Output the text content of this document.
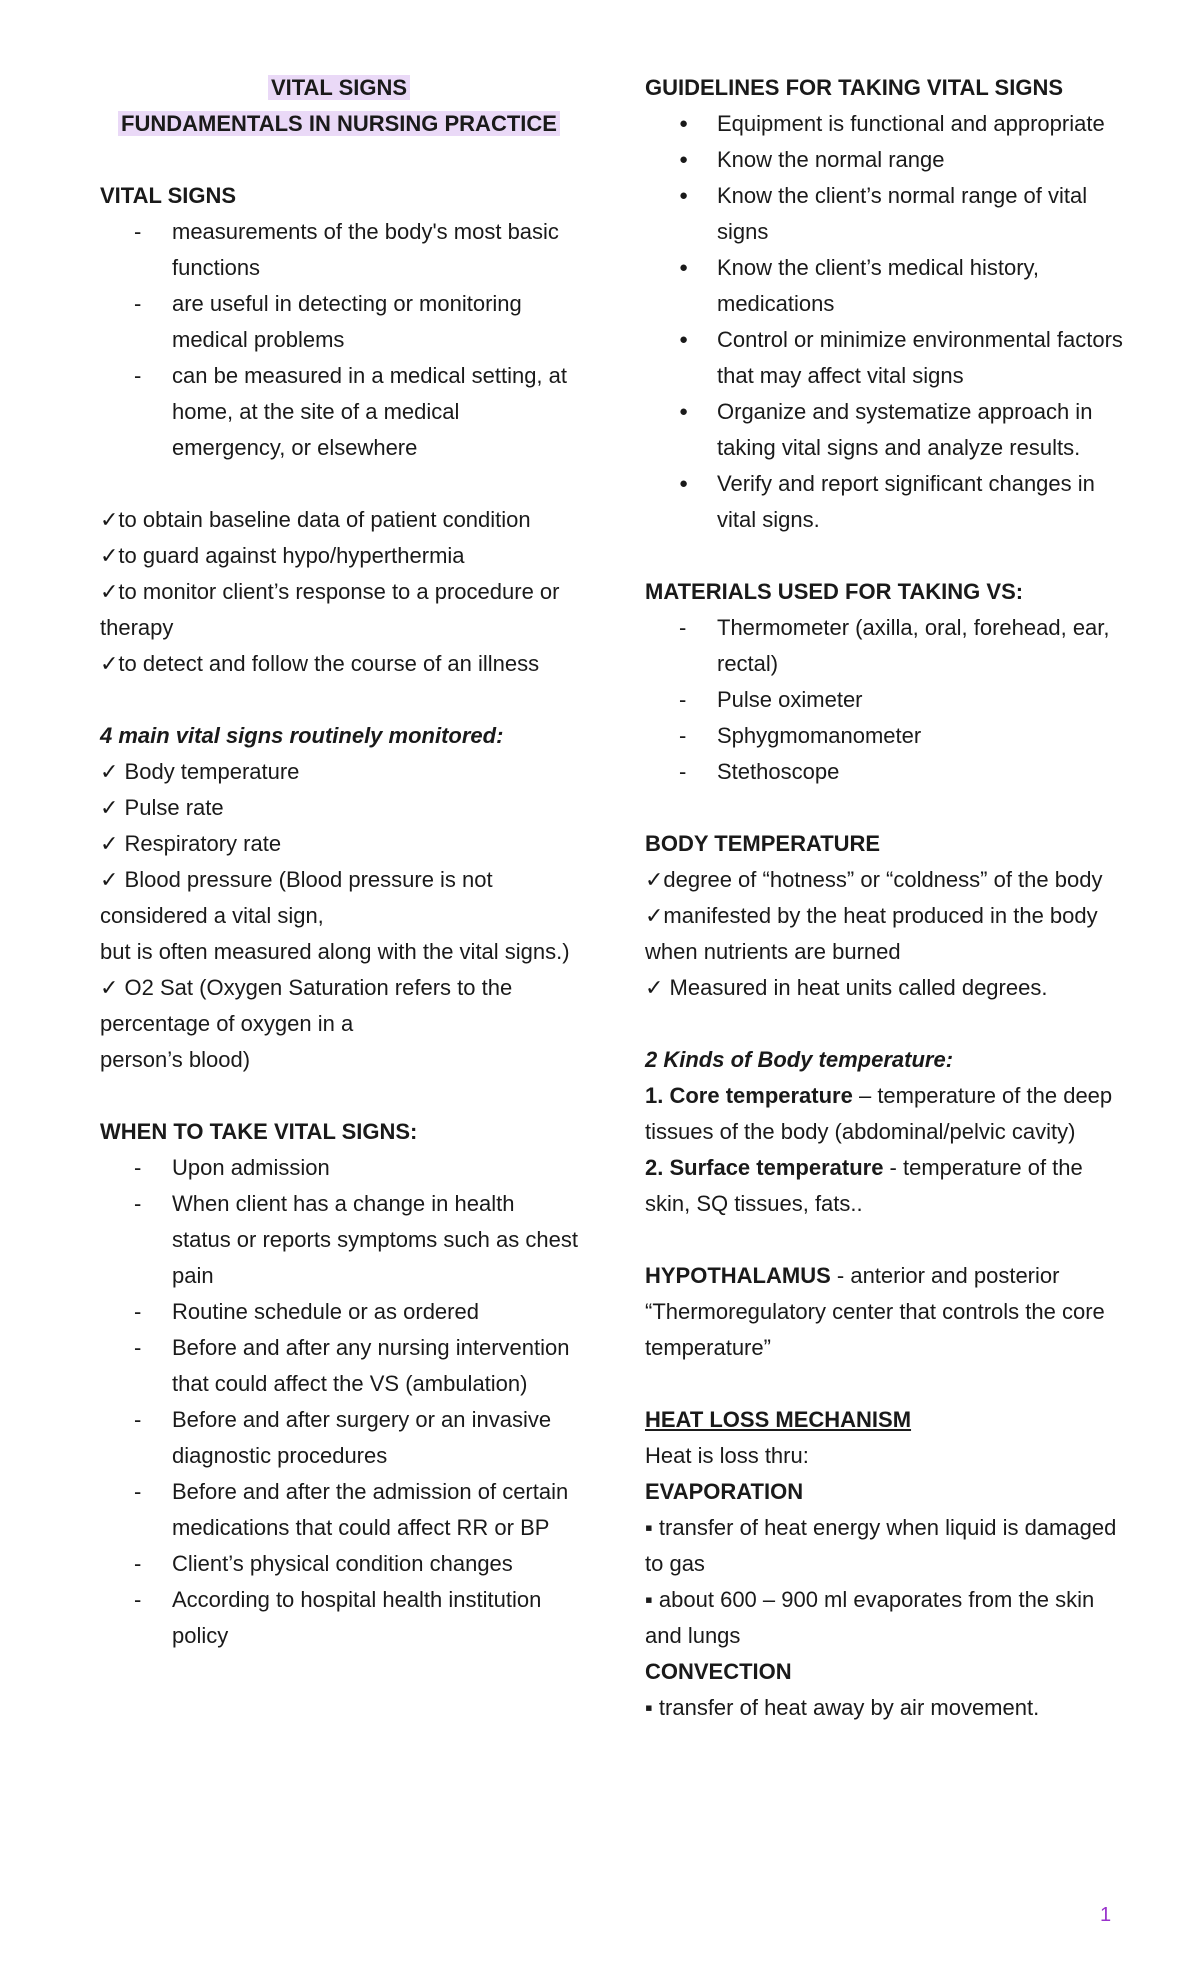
VITAL SIGNS
FUNDAMENTALS IN NURSING PRACTICE
VITAL SIGNS
- measurements of the body's most basic functions
- are useful in detecting or monitoring medical problems
- can be measured in a medical setting, at home, at the site of a medical emergency, or elsewhere
✓to obtain baseline data of patient condition
✓to guard against hypo/hyperthermia
✓to monitor client’s response to a procedure or therapy
✓to detect and follow the course of an illness
4 main vital signs routinely monitored:
✓ Body temperature
✓ Pulse rate
✓ Respiratory rate
✓ Blood pressure (Blood pressure is not considered a vital sign,
but is often measured along with the vital signs.)
✓ O2 Sat (Oxygen Saturation refers to the percentage of oxygen in a
person’s blood)
WHEN TO TAKE VITAL SIGNS:
- Upon admission
- When client has a change in health status or reports symptoms such as chest pain
- Routine schedule or as ordered
- Before and after any nursing intervention that could affect the VS (ambulation)
- Before and after surgery or an invasive diagnostic procedures
- Before and after the admission of certain medications that could affect RR or BP
- Client’s physical condition changes
- According to hospital health institution policy
GUIDELINES FOR TAKING VITAL SIGNS
● Equipment is functional and appropriate
● Know the normal range
● Know the client’s normal range of vital signs
● Know the client’s medical history, medications
● Control or minimize environmental factors that may affect vital signs
● Organize and systematize approach in taking vital signs and analyze results.
● Verify and report significant changes in vital signs.
MATERIALS USED FOR TAKING VS:
- Thermometer (axilla, oral, forehead, ear, rectal)
- Pulse oximeter
- Sphygmomanometer
- Stethoscope
BODY TEMPERATURE
✓degree of “hotness” or “coldness” of the body
✓manifested by the heat produced in the body
when nutrients are burned
✓ Measured in heat units called degrees.
2 Kinds of Body temperature:
1. Core temperature – temperature of the deep tissues of the body (abdominal/pelvic cavity)
2. Surface temperature - temperature of the skin, SQ tissues, fats..
HYPOTHALAMUS - anterior and posterior “Thermoregulatory center that controls the core temperature”
HEAT LOSS MECHANISM
Heat is loss thru:
EVAPORATION
▪ transfer of heat energy when liquid is damaged to gas
▪ about 600 – 900 ml evaporates from the skin and lungs
CONVECTION
▪ transfer of heat away by air movement.
1
